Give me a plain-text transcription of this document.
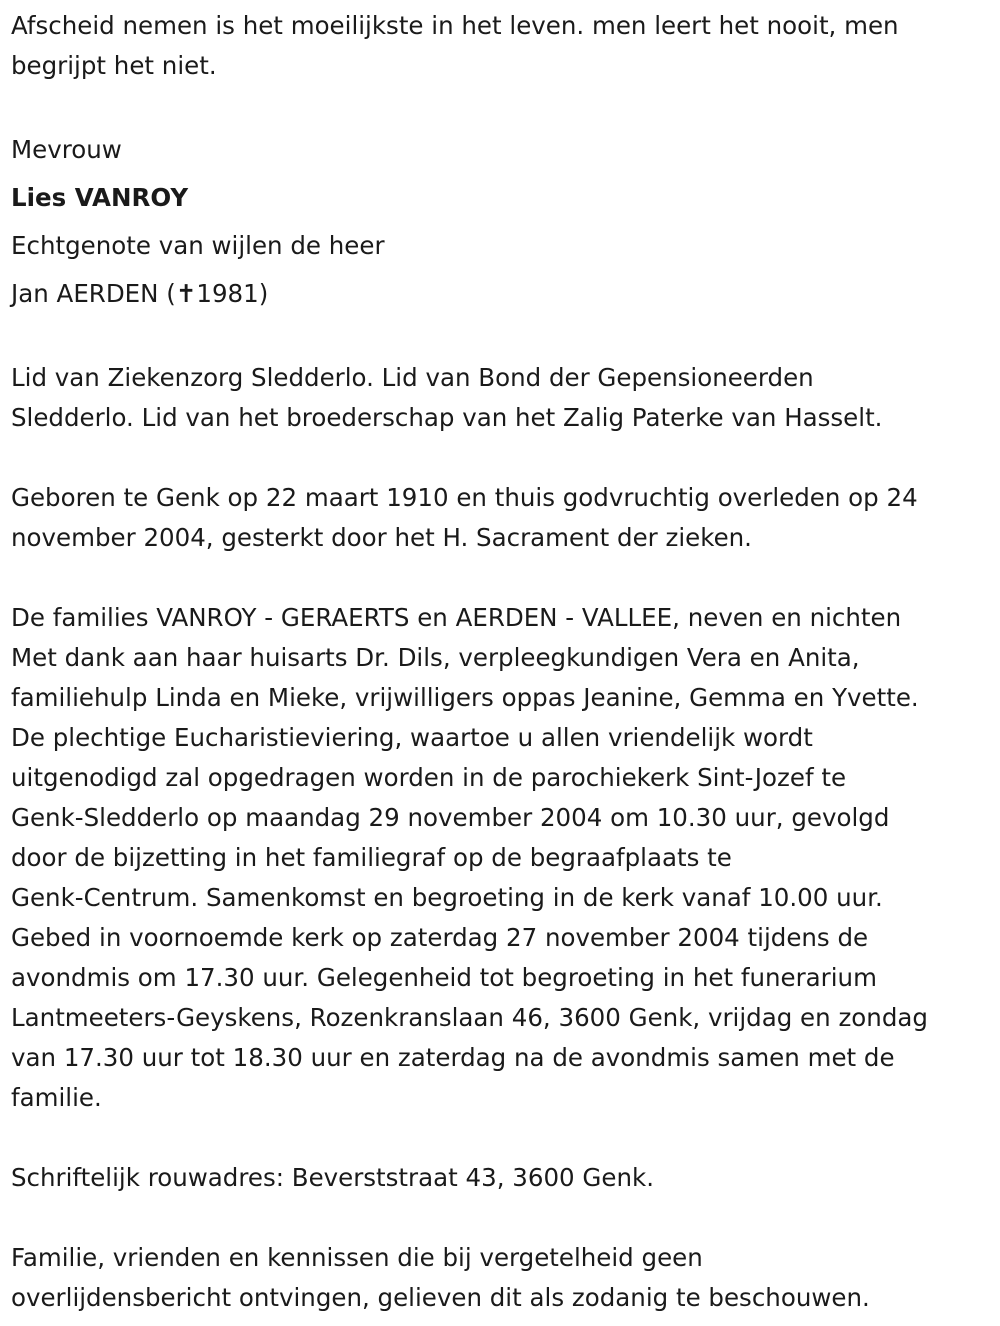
Afscheid nemen is het moeilijkste in het leven. men leert het nooit, men
begrijpt het niet.
Mevrouw
Lies VANROY
Echtgenote van wijlen de heer
Jan AERDEN (✝1981)
Lid van Ziekenzorg Sledderlo. Lid van Bond der Gepensioneerden
Sledderlo. Lid van het broederschap van het Zalig Paterke van Hasselt.
Geboren te Genk op 22 maart 1910 en thuis godvruchtig overleden op 24
november 2004, gesterkt door het H. Sacrament der zieken.
De families VANROY - GERAERTS en AERDEN - VALLEE, neven en nichten
Met dank aan haar huisarts Dr. Dils, verpleegkundigen Vera en Anita,
familiehulp Linda en Mieke, vrijwilligers oppas Jeanine, Gemma en Yvette.
De plechtige Eucharistieviering, waartoe u allen vriendelijk wordt
uitgenodigd zal opgedragen worden in de parochiekerk Sint-Jozef te
Genk-Sledderlo op maandag 29 november 2004 om 10.30 uur, gevolgd
door de bijzetting in het familiegraf op de begraafplaats te
Genk-Centrum. Samenkomst en begroeting in de kerk vanaf 10.00 uur.
Gebed in voornoemde kerk op zaterdag 27 november 2004 tijdens de
avondmis om 17.30 uur. Gelegenheid tot begroeting in het funerarium
Lantmeeters-Geyskens, Rozenkranslaan 46, 3600 Genk, vrijdag en zondag
van 17.30 uur tot 18.30 uur en zaterdag na de avondmis samen met de
familie.
Schriftelijk rouwadres: Beverststraat 43, 3600 Genk.
Familie, vrienden en kennissen die bij vergetelheid geen
overlijdensbericht ontvingen, gelieven dit als zodanig te beschouwen.
